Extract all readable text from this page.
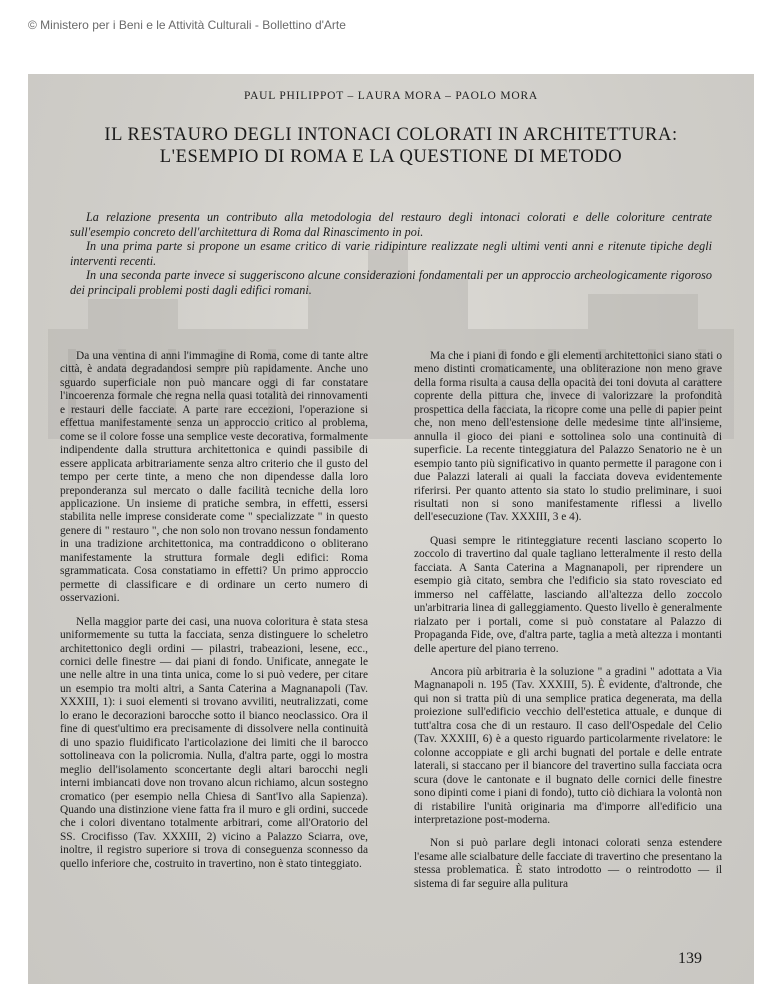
© Ministero per i Beni e le Attività Culturali - Bollettino d'Arte
PAUL PHILIPPOT – LAURA MORA – PAOLO MORA
IL RESTAURO DEGLI INTONACI COLORATI IN ARCHITETTURA:
L'ESEMPIO DI ROMA E LA QUESTIONE DI METODO

La relazione presenta un contributo alla metodologia del restauro degli intonaci colorati e delle coloriture centrate sull'esempio concreto dell'architettura di Roma dal Rinascimento in poi.

In una prima parte si propone un esame critico di varie ridipinture realizzate negli ultimi venti anni e ritenute tipiche degli interventi recenti.

In una seconda parte invece si suggeriscono alcune considerazioni fondamentali per un approccio archeologicamente rigoroso dei principali problemi posti dagli edifici romani.

Da una ventina di anni l'immagine di Roma, come di tante altre città, è andata degradandosi sempre più rapidamente. Anche uno sguardo superficiale non può mancare oggi di far constatare l'incoerenza formale che regna nella quasi totalità dei rinnovamenti e restauri delle facciate. A parte rare eccezioni, l'operazione si effettua manifestamente senza un approccio critico al problema, come se il colore fosse una semplice veste decorativa, formalmente indipendente dalla struttura architettonica e quindi passibile di essere applicata arbitrariamente senza altro criterio che il gusto del tempo per certe tinte, a meno che non dipendesse dalla loro preponderanza sul mercato o dalle facilità tecniche della loro applicazione. Un insieme di pratiche sembra, in effetti, essersi stabilita nelle imprese considerate come " specializzate " in questo genere di " restauro ", che non solo non trovano nessun fondamento in una tradizione architettonica, ma contraddicono o obliterano manifestamente la struttura formale degli edifici: Roma sgrammaticata. Cosa constatiamo in effetti? Un primo approccio permette di classificare e di ordinare un certo numero di osservazioni.

Nella maggior parte dei casi, una nuova coloritura è stata stesa uniformemente su tutta la facciata, senza distinguere lo scheletro architettonico degli ordini — pilastri, trabeazioni, lesene, ecc., cornici delle finestre — dai piani di fondo. Unificate, annegate le une nelle altre in una tinta unica, come lo si può vedere, per citare un esempio tra molti altri, a Santa Caterina a Magnanapoli (Tav. XXXIII, 1): i suoi elementi si trovano avviliti, neutralizzati, come lo erano le decorazioni barocche sotto il bianco neoclassico. Ora il fine di quest'ultimo era precisamente di dissolvere nella continuità di uno spazio fluidificato l'articolazione dei limiti che il barocco sottolineava con la policromia. Nulla, d'altra parte, oggi lo mostra meglio dell'isolamento sconcertante degli altari barocchi negli interni imbiancati dove non trovano alcun richiamo, alcun sostegno cromatico (per esempio nella Chiesa di Sant'Ivo alla Sapienza). Quando una distinzione viene fatta fra il muro e gli ordini, succede che i colori diventano totalmente arbitrari, come all'Oratorio del SS. Crocifisso (Tav. XXXIII, 2) vicino a Palazzo Sciarra, ove, inoltre, il registro superiore si trova di conseguenza sconnesso da quello inferiore che, costruito in travertino, non è stato tinteggiato.

Ma che i piani di fondo e gli elementi architettonici siano stati o meno distinti cromaticamente, una obliterazione non meno grave della forma risulta a causa della opacità dei toni dovuta al carattere coprente della pittura che, invece di valorizzare la profondità prospettica della facciata, la ricopre come una pelle di papier peint che, non meno dell'estensione delle medesime tinte all'insieme, annulla il gioco dei piani e sottolinea solo una continuità di superficie. La recente tinteggiatura del Palazzo Senatorio ne è un esempio tanto più significativo in quanto permette il paragone con i due Palazzi laterali ai quali la facciata doveva evidentemente riferirsi. Per quanto attento sia stato lo studio preliminare, i suoi risultati non si sono manifestamente riflessi a livello dell'esecuzione (Tav. XXXIII, 3 e 4).

Quasi sempre le ritinteggiature recenti lasciano scoperto lo zoccolo di travertino dal quale tagliano letteralmente il resto della facciata. A Santa Caterina a Magnanapoli, per riprendere un esempio già citato, sembra che l'edificio sia stato rovesciato ed immerso nel caffèlatte, lasciando all'altezza dello zoccolo un'arbitraria linea di galleggiamento. Questo livello è generalmente rialzato per i portali, come si può constatare al Palazzo di Propaganda Fide, ove, d'altra parte, taglia a metà altezza i montanti delle aperture del piano terreno.

Ancora più arbitraria è la soluzione " a gradini " adottata a Via Magnanapoli n. 195 (Tav. XXXIII, 5). È evidente, d'altronde, che qui non si tratta più di una semplice pratica degenerata, ma della proiezione sull'edificio vecchio dell'estetica attuale, e dunque di tutt'altra cosa che di un restauro. Il caso dell'Ospedale del Celio (Tav. XXXIII, 6) è a questo riguardo particolarmente rivelatore: le colonne accoppiate e gli archi bugnati del portale e delle entrate laterali, si staccano per il biancore del travertino sulla facciata ocra scura (dove le cantonate e il bugnato delle cornici delle finestre sono dipinti come i piani di fondo), tutto ciò dichiara la volontà non di ristabilire l'unità originaria ma d'imporre all'edificio una interpretazione post-moderna.

Non si può parlare degli intonaci colorati senza estendere l'esame alle scialbature delle facciate di travertino che presentano la stessa problematica. È stato introdotto — o reintrodotto — il sistema di far seguire alla pulitura

139
